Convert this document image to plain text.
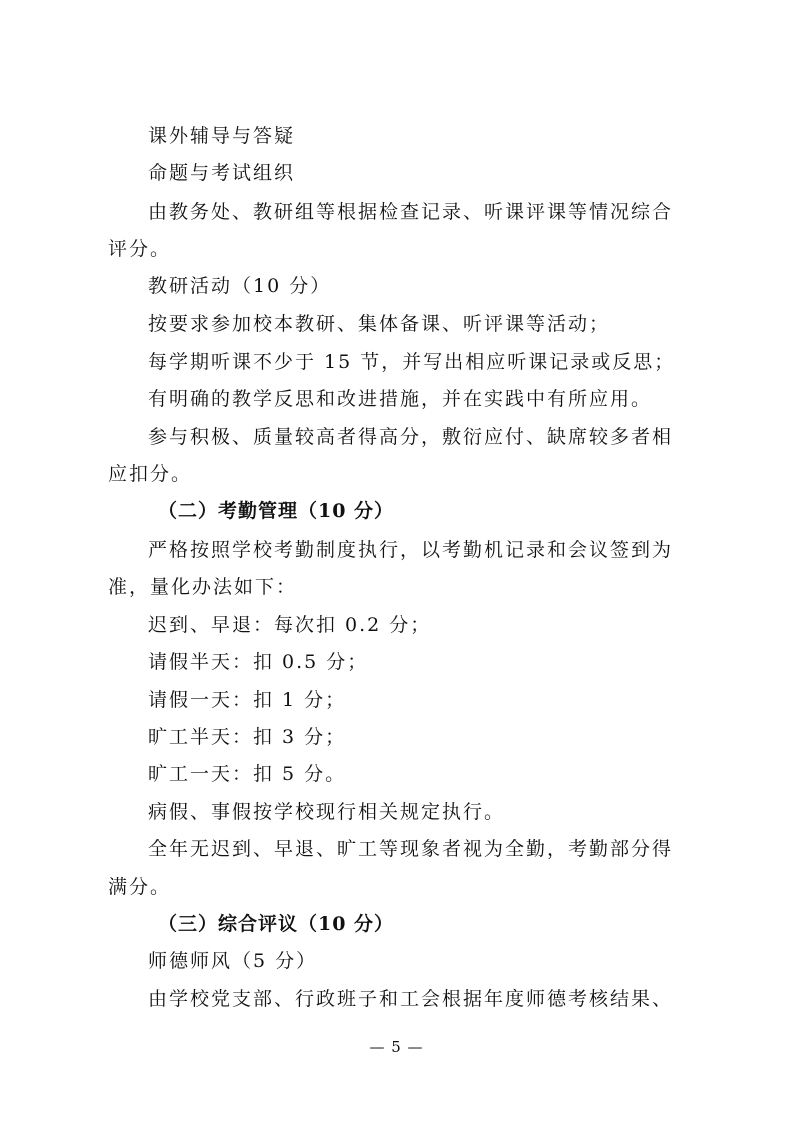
课外辅导与答疑
命题与考试组织
由教务处、教研组等根据检查记录、听课评课等情况综合
评分。
教研活动（10 分）
按要求参加校本教研、集体备课、听评课等活动；
每学期听课不少于 15 节，并写出相应听课记录或反思；
有明确的教学反思和改进措施，并在实践中有所应用。
参与积极、质量较高者得高分，敷衍应付、缺席较多者相
应扣分。
（二）考勤管理（10 分）
严格按照学校考勤制度执行，以考勤机记录和会议签到为
准，量化办法如下：
迟到、早退：每次扣 0.2 分；
请假半天：扣 0.5 分；
请假一天：扣 1 分；
旷工半天：扣 3 分；
旷工一天：扣 5 分。
病假、事假按学校现行相关规定执行。
全年无迟到、早退、旷工等现象者视为全勤，考勤部分得
满分。
（三）综合评议（10 分）
师德师风（5 分）
由学校党支部、行政班子和工会根据年度师德考核结果、
— 5 —
